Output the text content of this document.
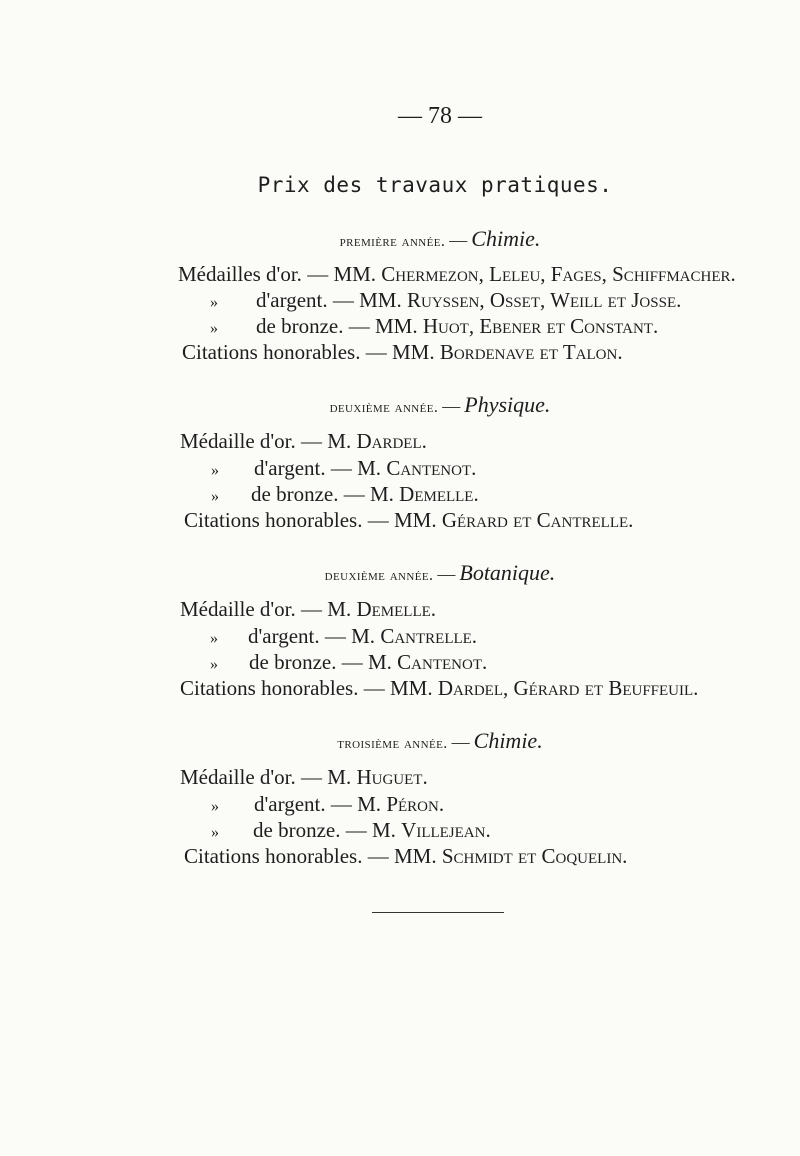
— 78 —
Prix des travaux pratiques.
première année. — Chimie.
Médailles d'or. — MM. Chermezon, Leleu, Fages, Schiffmacher.
» d'argent. — MM. Ruyssen, Osset, Weill et Josse.
» de bronze. — MM. Huot, Ebener et Constant.
Citations honorables. — MM. Bordenave et Talon.
deuxième année. — Physique.
Médaille d'or. — M. Dardel.
» d'argent. — M. Cantenot.
» de bronze. — M. Demelle.
Citations honorables. — MM. Gérard et Cantrelle.
deuxième année. — Botanique.
Médaille d'or. — M. Demelle.
» d'argent. — M. Cantrelle.
» de bronze. — M. Cantenot.
Citations honorables. — MM. Dardel, Gérard et Beuffeuil.
troisième année. — Chimie.
Médaille d'or. — M. Huguet.
» d'argent. — M. Péron.
» de bronze. — M. Villejean.
Citations honorables. — MM. Schmidt et Coquelin.
